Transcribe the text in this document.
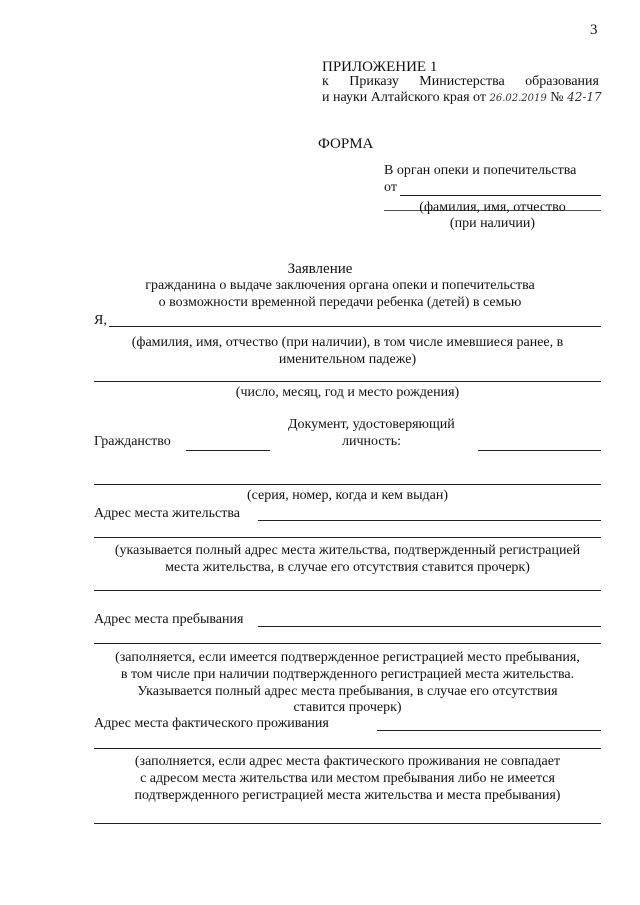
3
ПРИЛОЖЕНИЕ 1
к Приказу Министерства образования
и науки Алтайского края от 26.02.2019 № 42-17
ФОРМА
В орган опеки и попечительства
от
(фамилия, имя, отчество
(при наличии)
Заявление
гражданина о выдаче заключения органа опеки и попечительства
о возможности временной передачи ребенка (детей) в семью
Я,
(фамилия, имя, отчество (при наличии), в том числе имевшиеся ранее, в
именительном падеже)
(число, месяц, год и место рождения)
Документ, удостоверяющий
Гражданство	личность:
(серия, номер, когда и кем выдан)
Адрес места жительства
(указывается полный адрес места жительства, подтвержденный регистрацией
места жительства, в случае его отсутствия ставится прочерк)
Адрес места пребывания
(заполняется, если имеется подтвержденное регистрацией место пребывания,
в том числе при наличии подтвержденного регистрацией места жительства.
Указывается полный адрес места пребывания, в случае его отсутствия
ставится прочерк)
Адрес места фактического проживания
(заполняется, если адрес места фактического проживания не совпадает
с адресом места жительства или местом пребывания либо не имеется
подтвержденного регистрацией места жительства и места пребывания)
